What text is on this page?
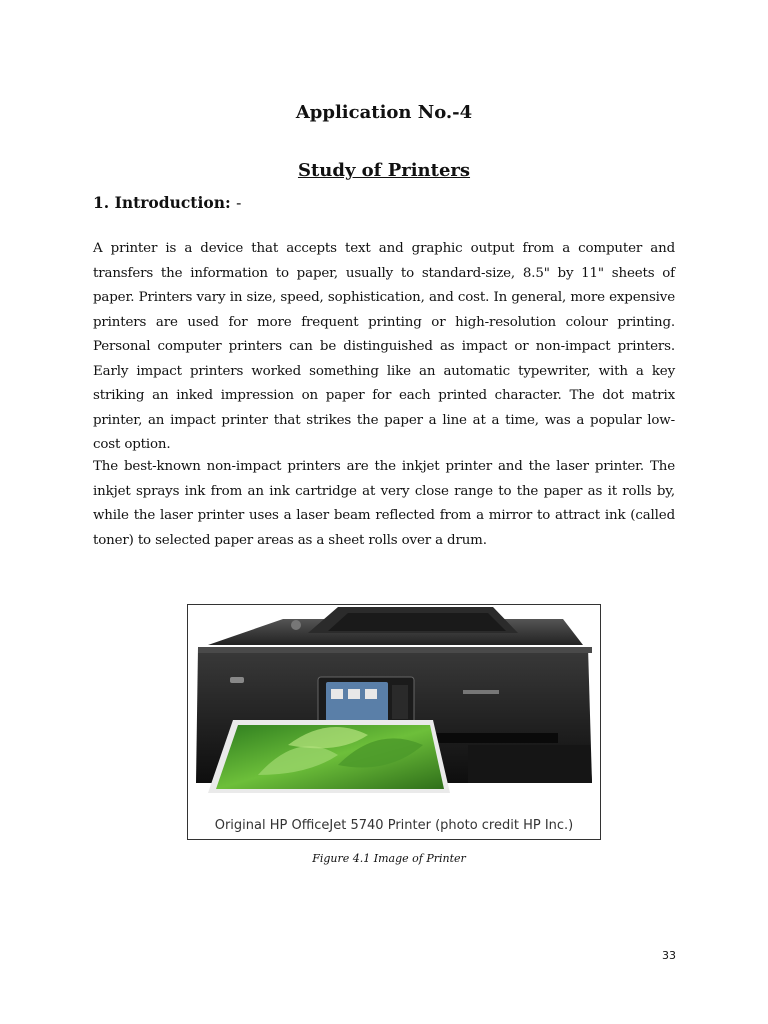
Application No.-4
Study of Printers
1. Introduction: -

A printer is a device that accepts text and graphic output from a computer and transfers the information to paper, usually to standard-size, 8.5" by 11" sheets of paper. Printers vary in size, speed, sophistication, and cost. In general, more expensive printers are used for more frequent printing or high-resolution colour printing. Personal computer printers can be distinguished as impact or non-impact printers. Early impact printers worked something like an automatic typewriter, with a key striking an inked impression on paper for each printed character. The dot matrix printer, an impact printer that strikes the paper a line at a time, was a popular low-cost option.

The best-known non-impact printers are the inkjet printer and the laser printer. The inkjet sprays ink from an ink cartridge at very close range to the paper as it rolls by, while the laser printer uses a laser beam reflected from a mirror to attract ink (called toner) to selected paper areas as a sheet rolls over a drum.

Original HP OfficeJet 5740 Printer (photo credit HP Inc.)
Figure 4.1 Image of Printer
33
